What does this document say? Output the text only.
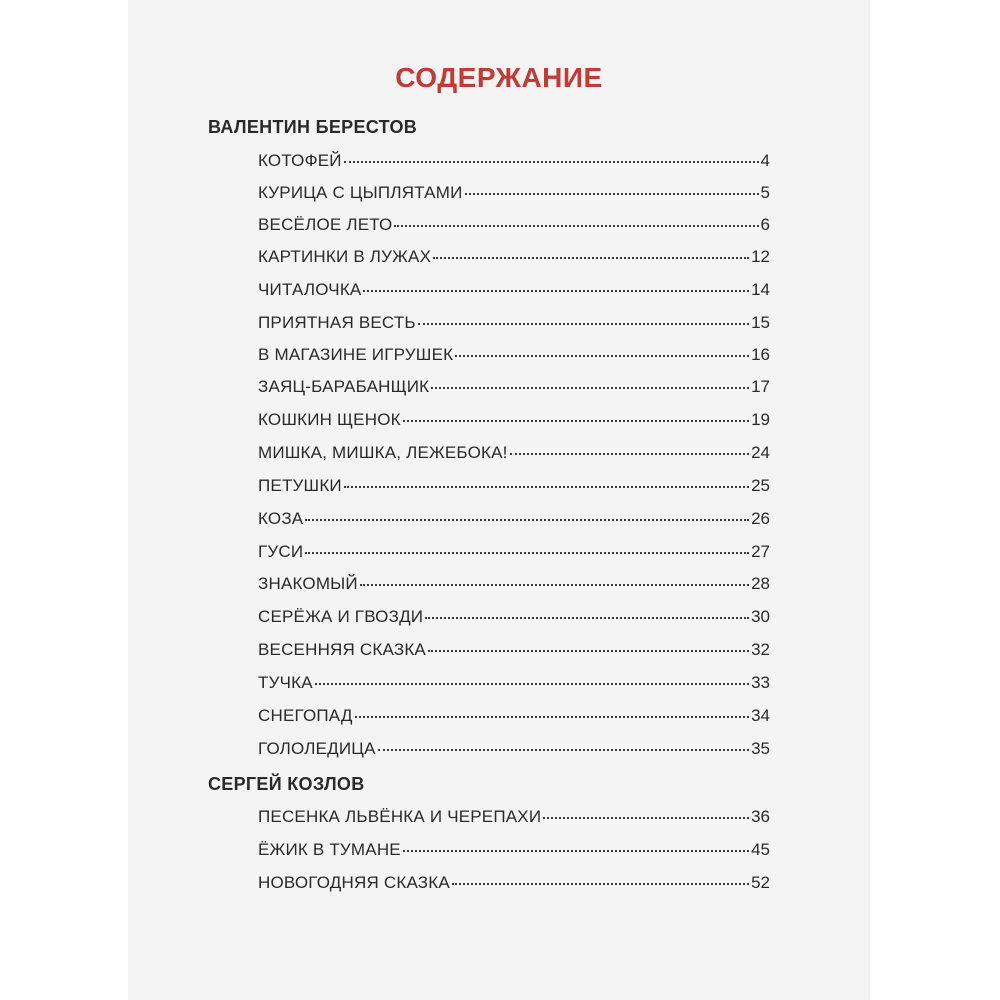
СОДЕРЖАНИЕ
ВАЛЕНТИН БЕРЕСТОВ
КОТОФЕЙ	4
КУРИЦА С ЦЫПЛЯТАМИ	5
ВЕСЁЛОЕ ЛЕТО	6
КАРТИНКИ В ЛУЖАХ	12
ЧИТАЛОЧКА	14
ПРИЯТНАЯ ВЕСТЬ	15
В МАГАЗИНЕ ИГРУШЕК	16
ЗАЯЦ-БАРАБАНЩИК	17
КОШКИН ЩЕНОК	19
МИШКА, МИШКА, ЛЕЖЕБОКА!	24
ПЕТУШКИ	25
КОЗА	26
ГУСИ	27
ЗНАКОМЫЙ	28
СЕРЁЖА И ГВОЗДИ	30
ВЕСЕННЯЯ СКАЗКА	32
ТУЧКА	33
СНЕГОПАД	34
ГОЛОЛЕДИЦА	35
СЕРГЕЙ КОЗЛОВ
ПЕСЕНКА ЛЬВЁНКА И ЧЕРЕПАХИ	36
ЁЖИК В ТУМАНЕ	45
НОВОГОДНЯЯ СКАЗКА	52
